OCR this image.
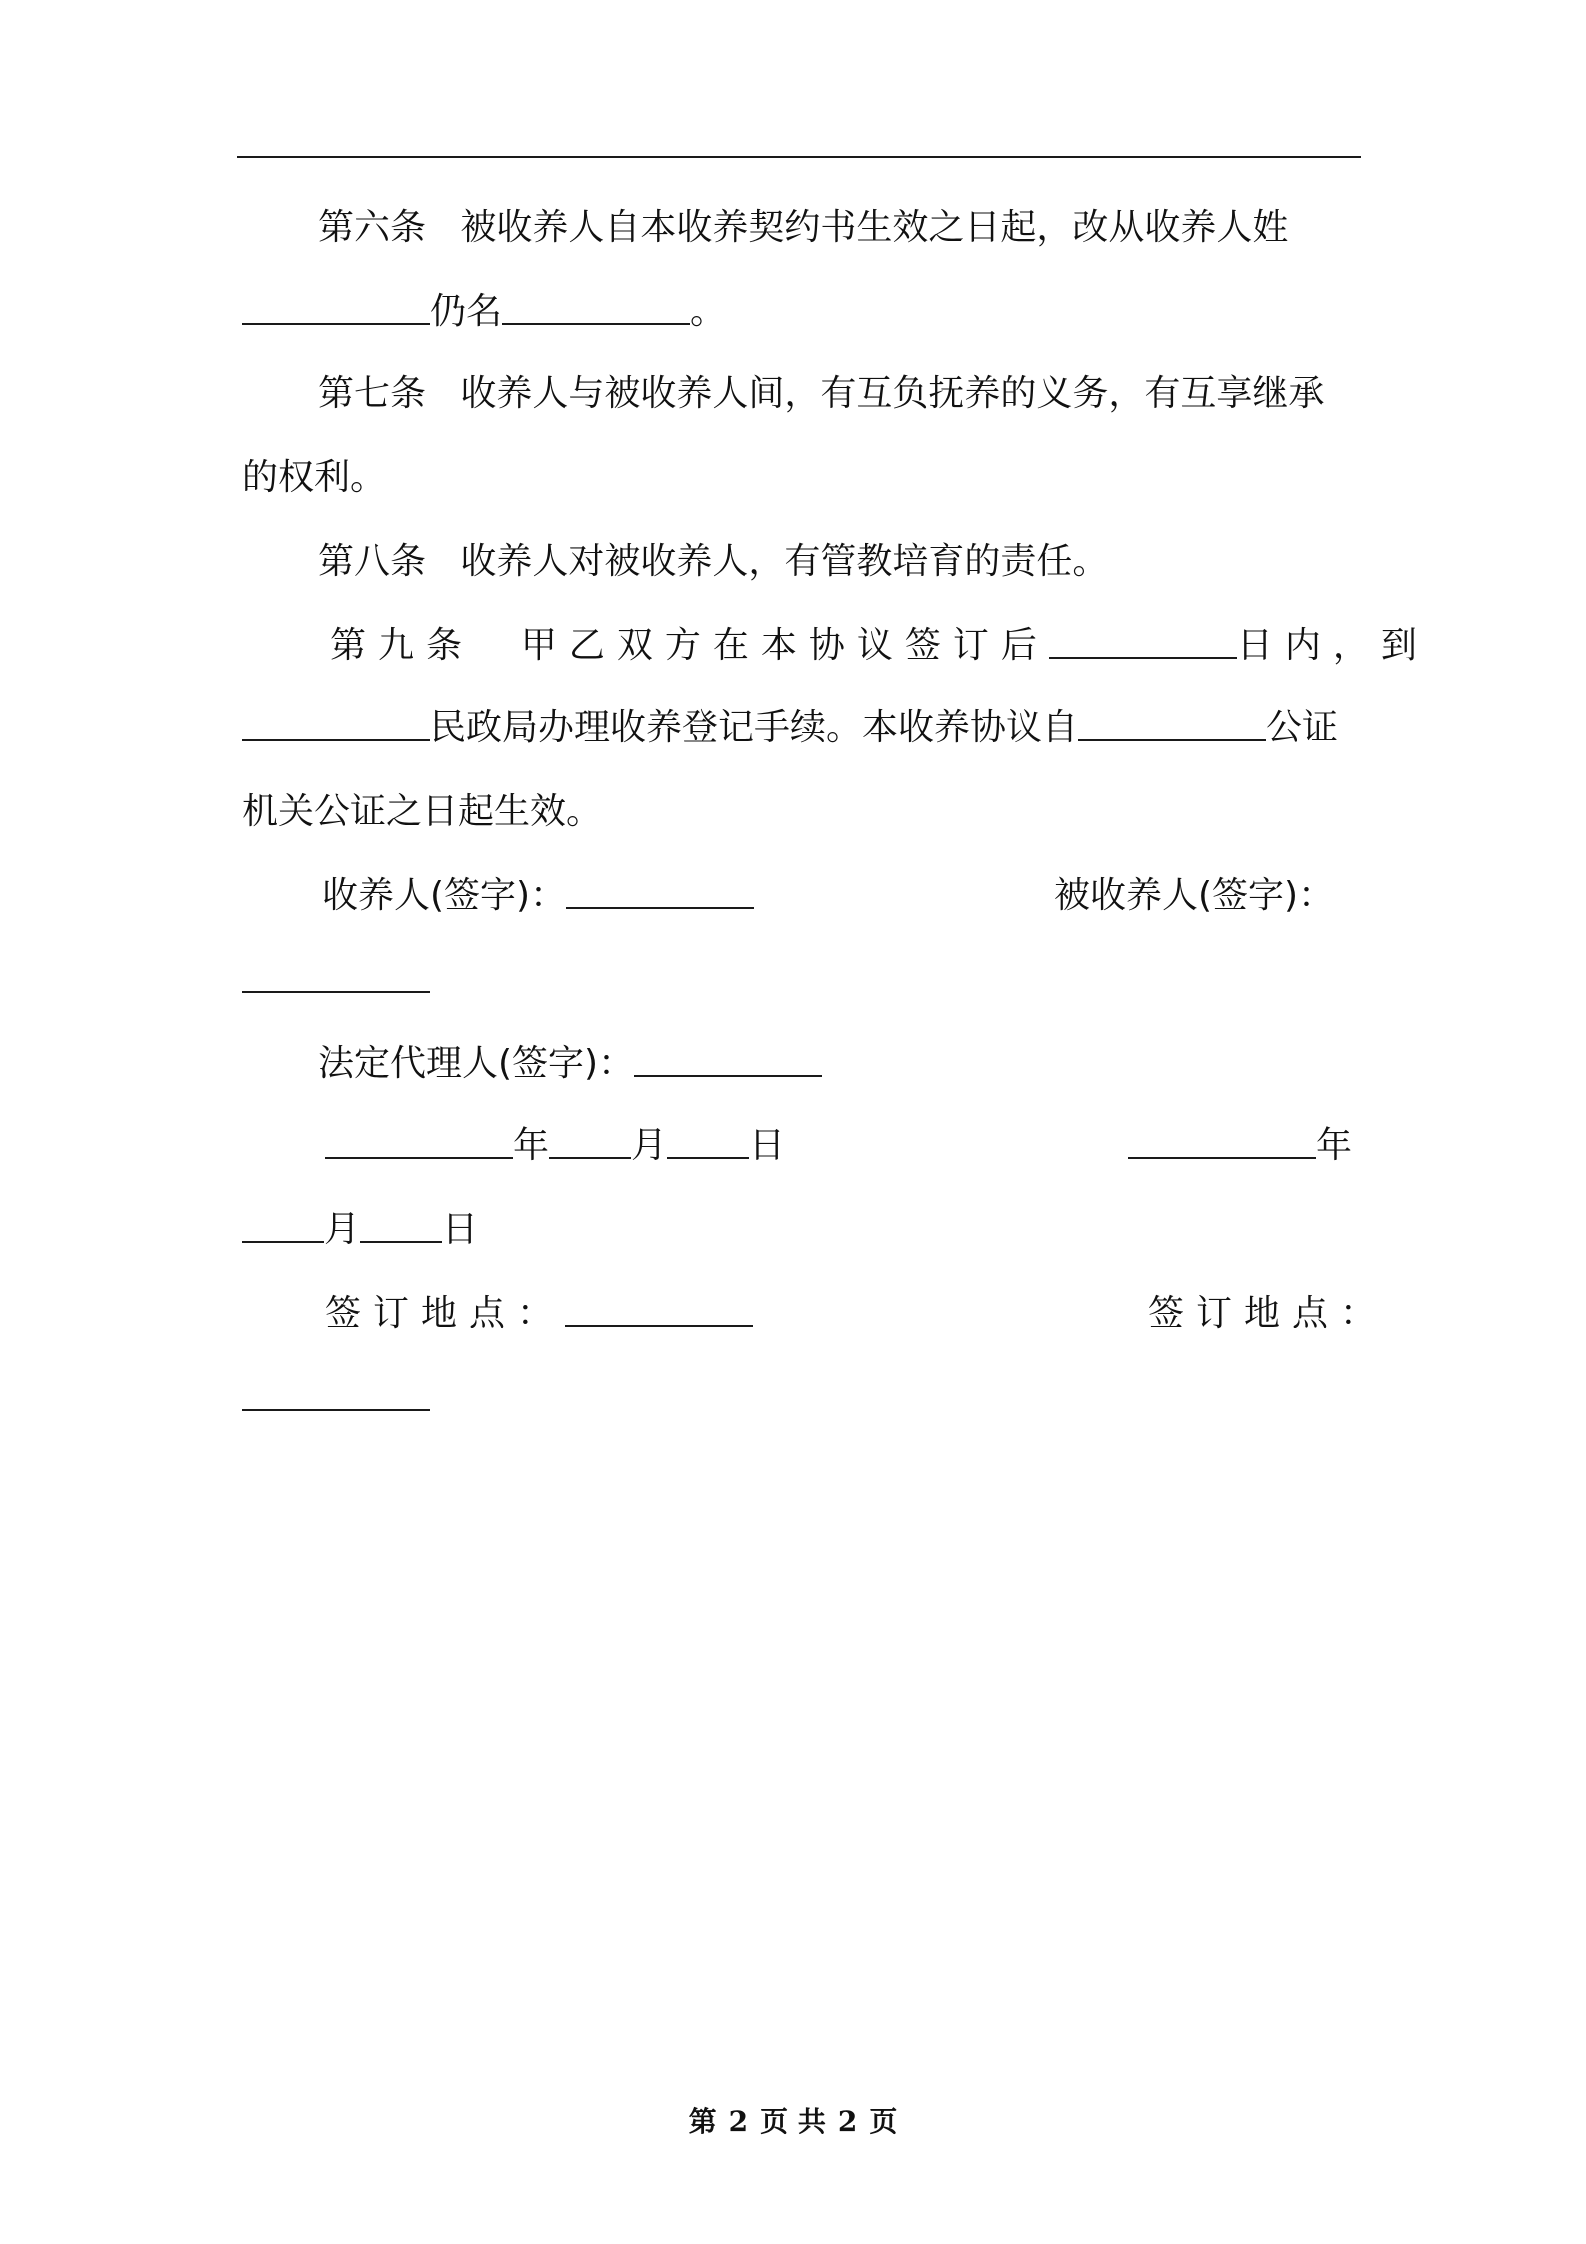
第六条 被收养人自本收养契约书生效之日起，改从收养人姓
仍名	。
第七条 收养人与被收养人间，有互负抚养的义务，有互享继承
的权利。
第八条 收养人对被收养人，有管教培育的责任。
第九条 甲乙双方在本协议签订后	日内，到
民政局办理收养登记手续。本收养协议自	公证
机关公证之日起生效。
收养人(签字)：	被收养人(签字)：
法定代理人(签字)：
年 月 日	年
月 日
签订地点：	签订地点：
第 2 页 共 2 页
